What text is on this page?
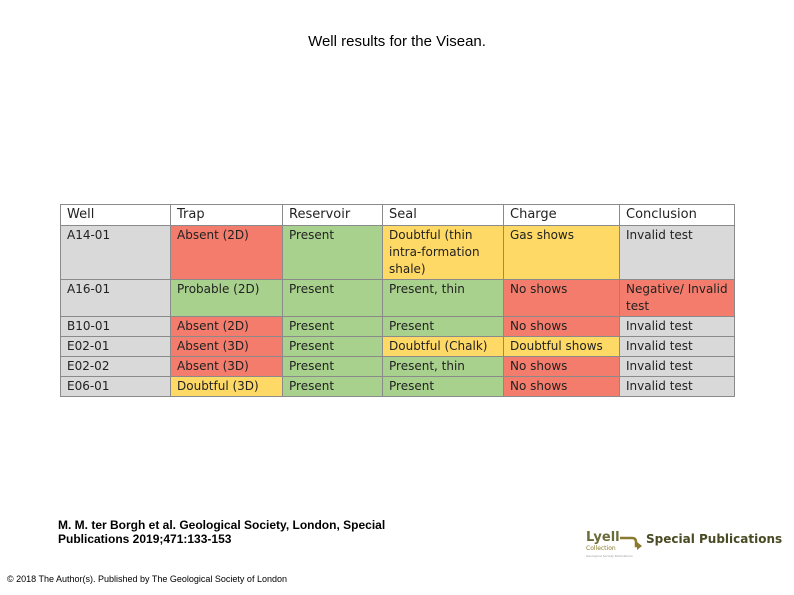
Well results for the Visean.
Well	Trap	Reservoir	Seal	Charge	Conclusion
A14-01	Absent (2D)	Present	Doubtful (thin intra-formation shale)	Gas shows	Invalid test
A16-01	Probable (2D)	Present	Present, thin	No shows	Negative/ Invalid test
B10-01	Absent (2D)	Present	Present	No shows	Invalid test
E02-01	Absent (3D)	Present	Doubtful (Chalk)	Doubtful shows	Invalid test
E02-02	Absent (3D)	Present	Present, thin	No shows	Invalid test
E06-01	Doubtful (3D)	Present	Present	No shows	Invalid test
M. M. ter Borgh et al. Geological Society, London, Special Publications 2019;471:133-153
© 2018 The Author(s). Published by The Geological Society of London
Lyell
Collection
Geological Society Publications
Special Publications
